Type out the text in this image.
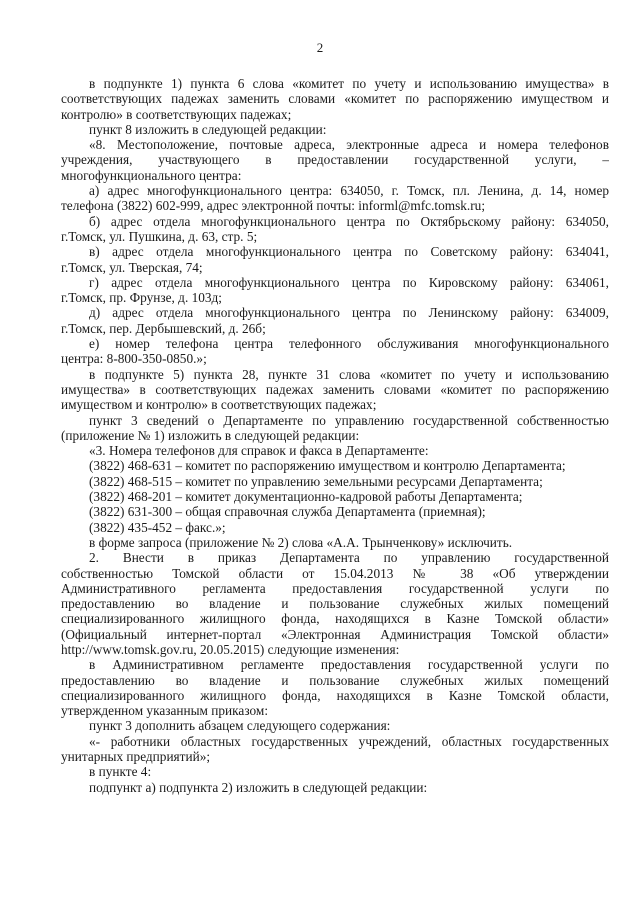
2
в подпункте 1) пункта 6 слова «комитет по учету и использованию имущества» в
соответствующих падежах заменить словами «комитет по распоряжению имуществом и
контролю» в соответствующих падежах;
пункт 8 изложить в следующей редакции:
«8. Местоположение, почтовые адреса, электронные адреса и номера телефонов
учреждения, участвующего в предоставлении государственной услуги, –
многофункционального центра:
а) адрес многофункционального центра: 634050, г. Томск, пл. Ленина, д. 14, номер
телефона (3822) 602-999, адрес электронной почты: informl@mfc.tomsk.ru;
б) адрес отдела многофункционального центра по Октябрьскому району: 634050,
г.Томск, ул. Пушкина, д. 63, стр. 5;
в) адрес отдела многофункционального центра по Советскому району: 634041,
г.Томск, ул. Тверская, 74;
г) адрес отдела многофункционального центра по Кировскому району: 634061,
г.Томск, пр. Фрунзе, д. 103д;
д) адрес отдела многофункционального центра по Ленинскому району: 634009,
г.Томск, пер. Дербышевский, д. 26б;
е) номер телефона центра телефонного обслуживания многофункционального
центра: 8-800-350-0850.»;
в подпункте 5) пункта 28, пункте 31 слова «комитет по учету и использованию
имущества» в соответствующих падежах заменить словами «комитет по распоряжению
имуществом и контролю» в соответствующих падежах;
пункт 3 сведений о Департаменте по управлению государственной собственностью
(приложение № 1) изложить в следующей редакции:
«3. Номера телефонов для справок и факса в Департаменте:
(3822) 468-631 – комитет по распоряжению имуществом и контролю Департамента;
(3822) 468-515 – комитет по управлению земельными ресурсами Департамента;
(3822) 468-201 – комитет документационно-кадровой работы Департамента;
(3822) 631-300 – общая справочная служба Департамента (приемная);
(3822) 435-452 – факс.»;
в форме запроса (приложение № 2) слова «А.А. Трынченкову» исключить.
2. Внести в приказ Департамента по управлению государственной
собственностью Томской области от 15.04.2013 № 38 «Об утверждении
Административного регламента предоставления государственной услуги по
предоставлению во владение и пользование служебных жилых помещений
специализированного жилищного фонда, находящихся в Казне Томской области»
(Официальный интернет-портал «Электронная Администрация Томской области»
http://www.tomsk.gov.ru, 20.05.2015) следующие изменения:
в Административном регламенте предоставления государственной услуги по
предоставлению во владение и пользование служебных жилых помещений
специализированного жилищного фонда, находящихся в Казне Томской области,
утвержденном указанным приказом:
пункт 3 дополнить абзацем следующего содержания:
«- работники областных государственных учреждений, областных государственных
унитарных предприятий»;
в пункте 4:
подпункт а) подпункта 2) изложить в следующей редакции:
